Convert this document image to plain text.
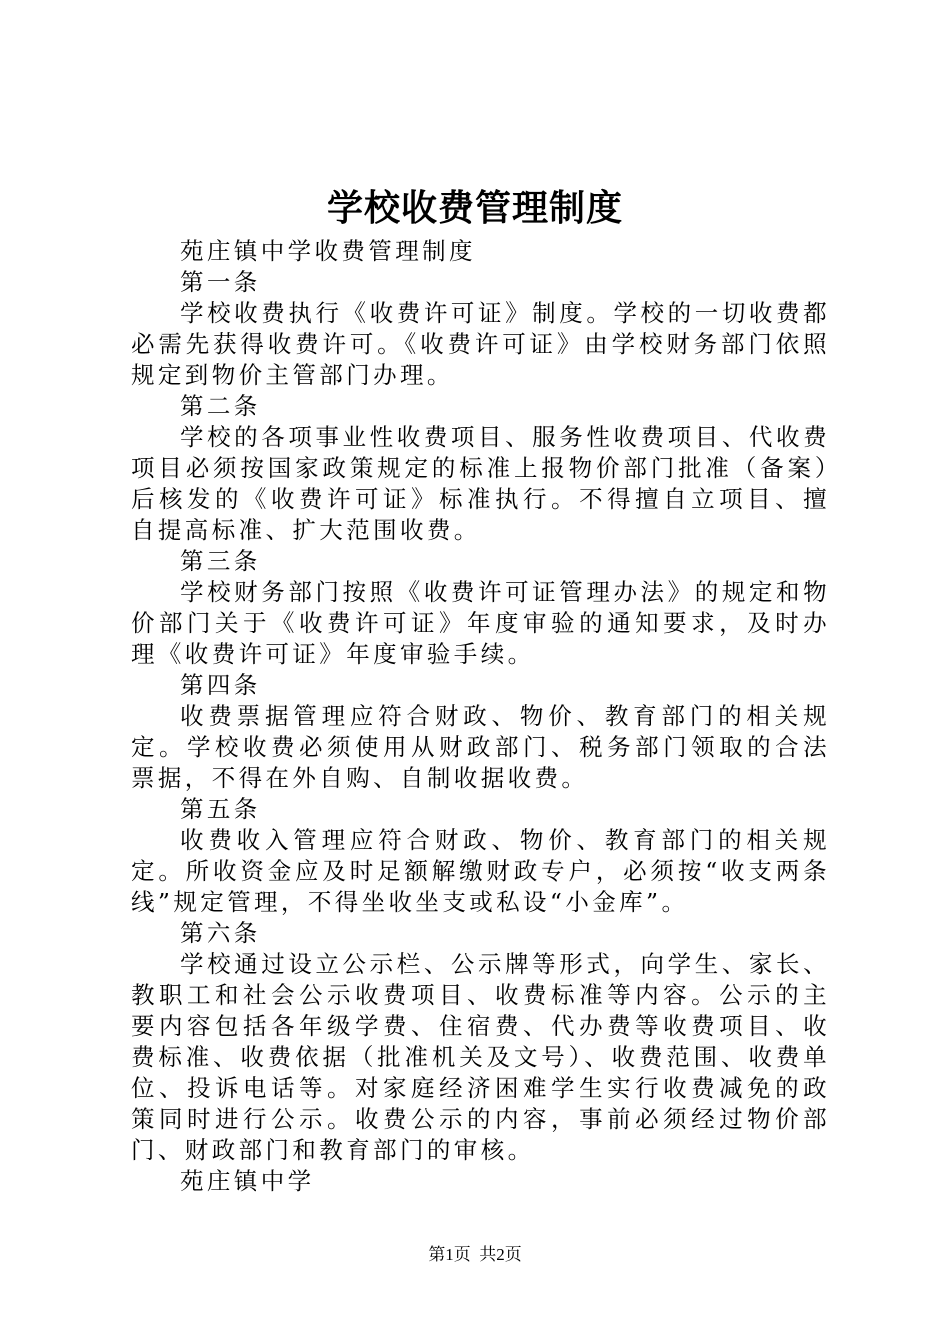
学校收费管理制度

苑庄镇中学收费管理制度

第一条

学校收费执行《收费许可证》制度。学校的一切收费都必需先获得收费许可。《收费许可证》由学校财务部门依照规定到物价主管部门办理。

第二条

学校的各项事业性收费项目、服务性收费项目、代收费项目必须按国家政策规定的标准上报物价部门批准（备案）后核发的《收费许可证》标准执行。不得擅自立项目、擅自提高标准、扩大范围收费。

第三条

学校财务部门按照《收费许可证管理办法》的规定和物价部门关于《收费许可证》年度审验的通知要求，及时办理《收费许可证》年度审验手续。

第四条

收费票据管理应符合财政、物价、教育部门的相关规定。学校收费必须使用从财政部门、税务部门领取的合法票据，不得在外自购、自制收据收费。

第五条

收费收入管理应符合财政、物价、教育部门的相关规定。所收资金应及时足额解缴财政专户，必须按“收支两条线”规定管理，不得坐收坐支或私设“小金库”。

第六条

学校通过设立公示栏、公示牌等形式，向学生、家长、教职工和社会公示收费项目、收费标准等内容。公示的主要内容包括各年级学费、住宿费、代办费等收费项目、收费标准、收费依据（批准机关及文号）、收费范围、收费单位、投诉电话等。对家庭经济困难学生实行收费减免的政策同时进行公示。收费公示的内容，事前必须经过物价部门、财政部门和教育部门的审核。

苑庄镇中学

第1页  共2页
